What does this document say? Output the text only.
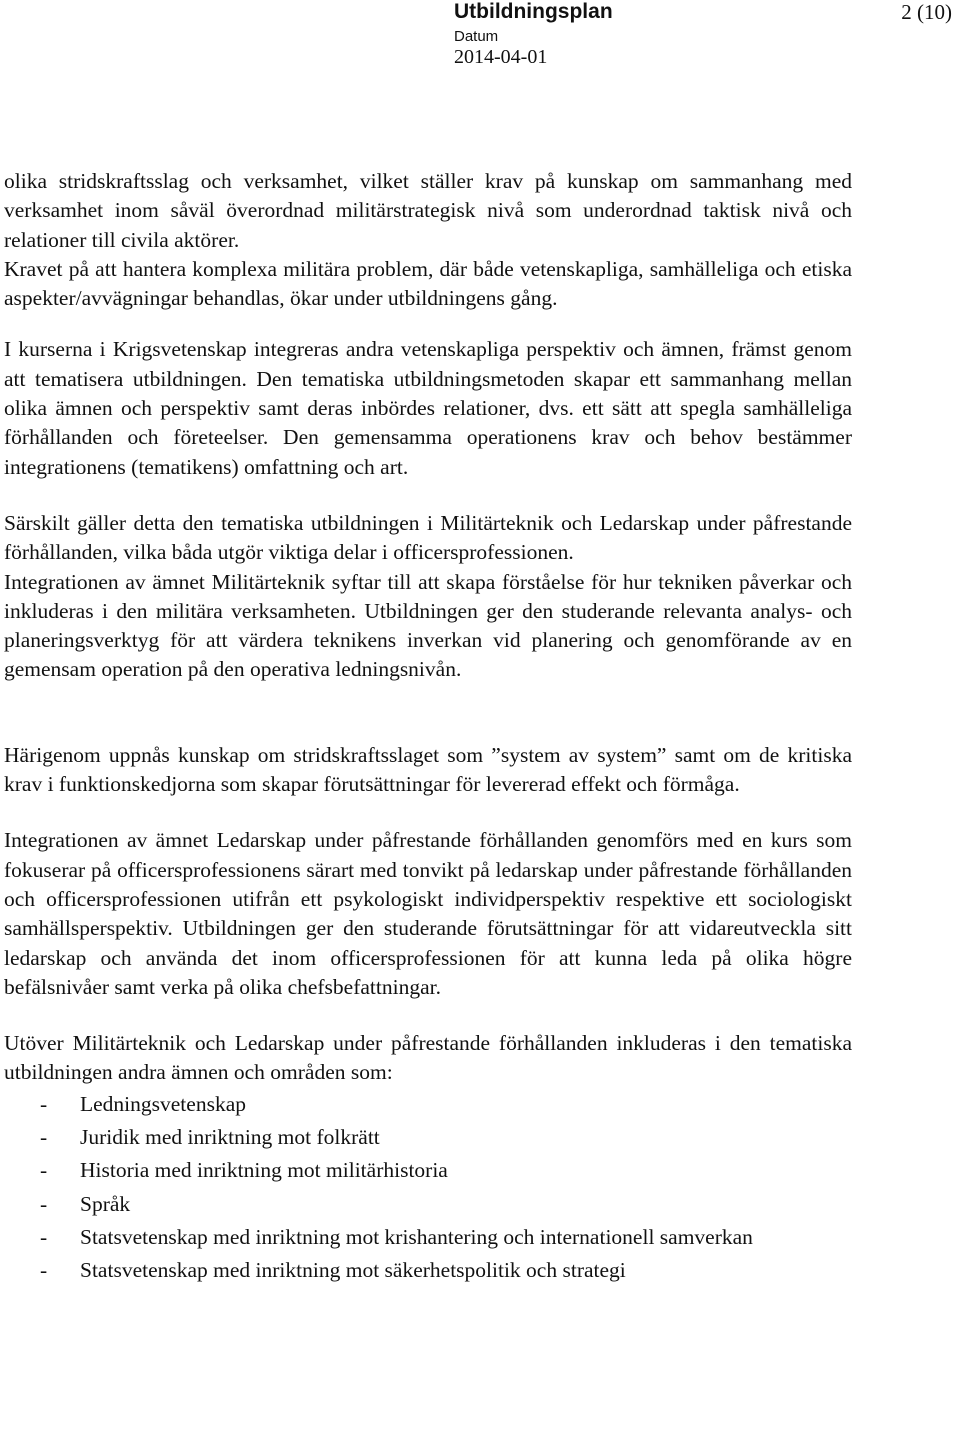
Utbildningsplan	2 (10)
Datum
2014-04-01

olika stridskraftsslag och verksamhet, vilket ställer krav på kunskap om sammanhang med verksamhet inom såväl överordnad militärstrategisk nivå som underordnad taktisk nivå och relationer till civila aktörer.

Kravet på att hantera komplexa militära problem, där både vetenskapliga, samhälleliga och etiska aspekter/avvägningar behandlas, ökar under utbildningens gång.

I kurserna i Krigsvetenskap integreras andra vetenskapliga perspektiv och ämnen, främst genom att tematisera utbildningen. Den tematiska utbildningsmetoden skapar ett sammanhang mellan olika ämnen och perspektiv samt deras inbördes relationer, dvs. ett sätt att spegla samhälleliga förhållanden och företeelser. Den gemensamma operationens krav och behov bestämmer integrationens (tematikens) omfattning och art.

Särskilt gäller detta den tematiska utbildningen i Militärteknik och Ledarskap under påfrestande förhållanden, vilka båda utgör viktiga delar i officersprofessionen.

Integrationen av ämnet Militärteknik syftar till att skapa förståelse för hur tekniken påverkar och inkluderas i den militära verksamheten. Utbildningen ger den studerande relevanta analys- och planeringsverktyg för att värdera teknikens inverkan vid planering och genomförande av en gemensam operation på den operativa ledningsnivån.

Härigenom uppnås kunskap om stridskraftsslaget som ”system av system” samt om de kritiska krav i funktionskedjorna som skapar förutsättningar för levererad effekt och förmåga.

Integrationen av ämnet Ledarskap under påfrestande förhållanden genomförs med en kurs som fokuserar på officersprofessionens särart med tonvikt på ledarskap under påfrestande förhållanden och officersprofessionen utifrån ett psykologiskt individperspektiv respektive ett sociologiskt samhällsperspektiv. Utbildningen ger den studerande förutsättningar för att vidareutveckla sitt ledarskap och använda det inom officersprofessionen för att kunna leda på olika högre befälsnivåer samt verka på olika chefsbefattningar.

Utöver Militärteknik och Ledarskap under påfrestande förhållanden inkluderas i den tematiska utbildningen andra ämnen och områden som:

- Ledningsvetenskap
- Juridik med inriktning mot folkrätt
- Historia med inriktning mot militärhistoria
- Språk
- Statsvetenskap med inriktning mot krishantering och internationell samverkan
- Statsvetenskap med inriktning mot säkerhetspolitik och strategi
